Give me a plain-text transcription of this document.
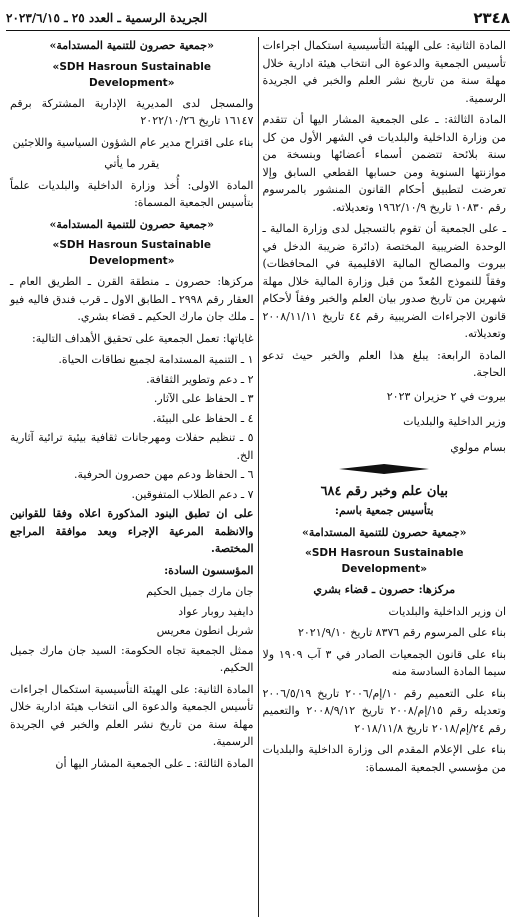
٢٣٤٨
الجريدة الرسمية ـ العدد ٢٥ ـ ٢٠٢٣/٦/١٥

المادة الثانية: على الهيئة التأسيسية استكمال اجراءات تأسيس الجمعية والدعوة الى انتخاب هيئة ادارية خلال مهلة سنة من تاريخ نشر العلم والخبر في الجريدة الرسمية.

المادة الثالثة: ـ على الجمعية المشار اليها أن تتقدم من وزارة الداخلية والبلديات في الشهر الأول من كل سنة بلائحة تتضمن أسماء أعضائها وبنسخة من موازنتها السنوية ومن حسابها القطعي السابق وإلا تعرضت لتطبيق أحكام القانون المنشور بالمرسوم رقم ١٠٨٣٠ تاريخ ١٩٦٢/١٠/٩ وتعديلاته.

ـ على الجمعية أن تقوم بالتسجيل لدى وزارة المالية ـ الوحدة الضريبية المختصة (دائرة ضريبة الدخل في بيروت والمصالح المالية الاقليمية في المحافظات) وفقاً للنموذج المُعدّ من قبل وزارة المالية خلال مهلة شهرين من تاريخ صدور بيان العلم والخبر وفقاً لأحكام قانون الاجراءات الضريبية رقم ٤٤ تاريخ ٢٠٠٨/١١/١١ وتعديلاته.

المادة الرابعة: يبلغ هذا العلم والخبر حيث تدعو الحاجة.

بيروت في ٢ حزيران ٢٠٢٣

وزير الداخلية والبلديات

بسام مولوي

بيان علم وخبر رقم ٦٨٤

بتأسيس جمعية باسم:

«جمعية حصرون للتنمية المستدامة»

«SDH Hasroun Sustainable Development»

مركزها: حصرون ـ قضاء بشري

ان وزير الداخلية والبلديات

بناء على المرسوم رقم ٨٣٧٦ تاريخ ٢٠٢١/٩/١٠

بناء على قانون الجمعيات الصادر في ٣ آب ١٩٠٩ ولا سيما المادة السادسة منه

بناء على التعميم رقم ١٠/إم/٢٠٠٦ تاريخ ٢٠٠٦/٥/١٩ وتعديله رقم ١٥/إم/٢٠٠٨ تاريخ ٢٠٠٨/٩/١٢ والتعميم رقم ٢٤/إم/٢٠١٨ تاريخ ٢٠١٨/١١/٨

بناء على الإعلام المقدم الى وزارة الداخلية والبلديات من مؤسسي الجمعية المسماة:

«جمعية حصرون للتنمية المستدامة»

«SDH Hasroun Sustainable Development»

والمسجل لدى المديرية الإدارية المشتركة برقم ١٦١٤٧ تاريخ ٢٠٢٢/١٠/٢٦

بناء على اقتراح مدير عام الشؤون السياسية واللاجئين

يقرر ما يأتي

المادة الاولى: أُخذ وزارة الداخلية والبلديات علماً بتأسيس الجمعية المسماة:

«جمعية حصرون للتنمية المستدامة»

«SDH Hasroun Sustainable Development»

مركزها: حصرون ـ منطقة القرن ـ الطريق العام ـ العقار رقم ٢٩٩٨ ـ الطابق الاول ـ قرب فندق فاليه فيو ـ ملك جان مارك الحكيم ـ قضاء بشري.

غاياتها: تعمل الجمعية على تحقيق الأهداف التالية:

١ ـ التنمية المستدامة لجميع نطاقات الحياة.

٢ ـ دعم وتطوير الثقافة.

٣ ـ الحفاظ على الآثار.

٤ ـ الحفاظ على البيئة.

٥ ـ تنظيم حفلات ومهرجانات ثقافية بيئية ترائية آثارية الخ.

٦ ـ الحفاظ ودعم مهن حصرون الحرفية.

٧ ـ دعم الطلاب المتفوقين.

على ان تطبق البنود المذكورة اعلاه وفقا للقوانين والانظمة المرعية الإجراء وبعد موافقة المراجع المختصة.

المؤسسون السادة:

جان مارك جميل الحكيم

دايفيد روبار عواد

شربل انطون معريس

ممثل الجمعية تجاه الحكومة: السيد جان مارك جميل الحكيم.

المادة الثانية: على الهيئة التأسيسية استكمال اجراءات تأسيس الجمعية والدعوة الى انتخاب هيئة ادارية خلال مهلة سنة من تاريخ نشر العلم والخبر في الجريدة الرسمية.

المادة الثالثة: ـ على الجمعية المشار اليها أن
